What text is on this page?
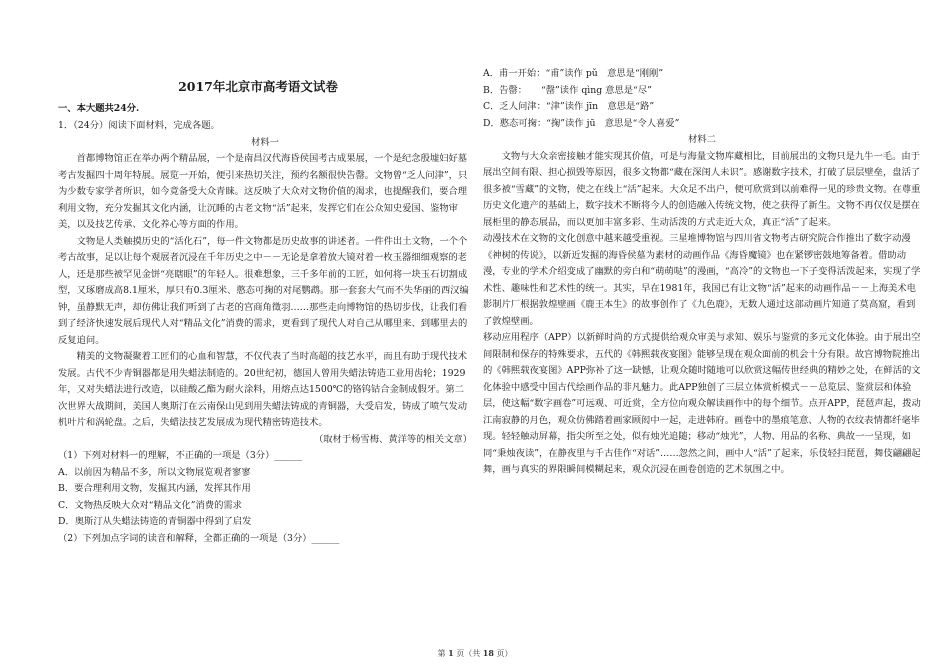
2017年北京市高考语文试卷

一、本大题共24分.

1．（24分）阅读下面材料，完成各题。

材料一

首都博物馆正在举办两个精品展，一个是南昌汉代海昏侯国考古成果展，一个是纪念殷墟妇好墓考古发掘四十周年特展。展览一开始，便引来热切关注，预约名额很快告罄。文物曾“乏人问津”，只为少数专家学者所识，如今竟备受大众青睐。这反映了大众对文物价值的渴求，也提醒我们，要合理利用文物，充分发掘其文化内涵，让沉睡的古老文物“活”起来，发挥它们在公众知史爱国、鉴物审美，以及技艺传承、文化养心等方面的作用。

文物是人类触摸历史的“活化石”，每一件文物都是历史故事的讲述者。一件件出土文物，一个个考古故事，足以让每个观展者沉浸在千年历史之中－－无论是拿着放大镜对着一枚玉器细细观察的老人，还是那些被罕见金饼“亮瞎眼”的年轻人。很难想象，三千多年前的工匠，如何将一块玉石切割成型，又琢磨成高8.1厘米，厚只有0.3厘米、憨态可掬的对尾鹦鹉。那一套套大气而不失华丽的西汉编钟，虽静默无声，却仿佛让我们听到了古老的宫商角徵羽……那些走向博物馆的热切步伐，让我们看到了经济快速发展后现代人对“精品文化”消费的需求，更看到了现代人对自己从哪里来、到哪里去的反复追问。

精美的文物凝聚着工匠们的心血和智慧，不仅代表了当时高超的技艺水平，而且有助于现代技术发展。古代不少青铜器都是用失蜡法制造的。20世纪初，德国人曾用失蜡法铸造工业用齿轮；1929年，又对失蜡法进行改造，以硅酸乙酯为耐火涂料，用熔点达1500℃的铬钨钴合金制成假牙。第二次世界大战期间，美国人奥斯汀在云南保山见到用失蜡法铸成的青铜器，大受启发，铸成了喷气发动机叶片和涡轮盘。之后，失蜡法技艺发展成为现代精密铸造技术。

（取材于杨雪梅、黄洋等的相关文章）

（1）下列对材料一的理解，不正确的一项是（3分）______

A．以前因为精品不多，所以文物展览观者寥寥

B．要合理利用文物，发掘其内涵，发挥其作用

C．文物热反映大众对“精品文化”消费的需求

D．奥斯汀从失蜡法铸造的青铜器中得到了启发

（2）下列加点字词的读音和解释，全都正确的一项是（3分）______

A．甫一开始：“甫”读作 pǔ　意思是“刚刚”

B．告罄：　　“罄”读作 qìng 意思是“尽”

C．乏人问津：“津”读作 jīn　意思是“路”

D．憨态可掬：“掬”读作 jū　意思是“令人喜爱”

材料二

文物与大众亲密接触才能实现其价值，可是与海量文物库藏相比，目前展出的文物只是九牛一毛。由于展出空间有限、担心损毁等原因，很多文物都“藏在深闺人未识”。感谢数字技术，打破了层层壁垒，盘活了很多被“雪藏”的文物，使之在线上“活”起来。大众足不出户，便可欣赏到以前难得一见的珍贵文物。在尊重历史文化遗产的基础上，数字技术不断将今人的创造融入传统文物，使之获得了新生。文物不再仅仅是摆在展柜里的静态展品，而以更加丰富多彩、生动活泼的方式走近大众，真正“活”了起来。

动漫技术在文物的文化创意中越来越受重视。三星堆博物馆与四川省文物考古研究院合作推出了数字动漫《神树的传说》，以新近发掘的海昏侯墓为素材的动画作品《海昏魔镜》也在紧锣密鼓地筹备着。借助动漫，专业的学术介绍变成了幽默的旁白和“萌萌哒”的漫画，“高冷”的文物也一下子变得活泼起来，实现了学术性、趣味性和艺术性的统一。其实，早在1981年，我国已有让文物“活”起来的动画作品－－上海美术电影制片厂根据敦煌壁画《鹿王本生》的故事创作了《九色鹿》，无数人通过这部动画片知道了莫高窟，看到了敦煌壁画。

移动应用程序（APP）以新鲜时尚的方式提供给观众审美与求知、娱乐与鉴赏的多元文化体验。由于展出空间限制和保存的特殊要求，五代的《韩熙载夜宴图》能够呈现在观众面前的机会十分有限。故宫博物院推出的《韩熙载夜宴图》APP弥补了这一缺憾，让观众随时随地可以欣赏这幅传世经典的精妙之处，在鲜活的文化体验中感受中国古代绘画作品的非凡魅力。此APP独创了三层立体赏析模式－－总览层、鉴赏层和体验层，使这幅“数字画卷”可远观、可近赏，全方位向观众解读画作中的每个细节。点开APP，琵琶声起，拨动江南寂静的月色，观众仿佛踏着画家顾闳中一起，走进韩府。画卷中的墨痕笔意、人物的衣纹表情都纤毫毕现。轻轻触动屏幕，指尖所至之处，似有烛光追随；移动“烛光”，人物、用品的名称、典故一一呈现，如同“秉烛夜读”，在静夜里与千古佳作“对话”……忽然之间，画中人“活”了起来，乐伎轻扫琵琶，舞伎翩翩起舞，画与真实的界限瞬间模糊起来，观众沉浸在画卷创造的艺术氛围之中。

第 1 页（共 18 页）
